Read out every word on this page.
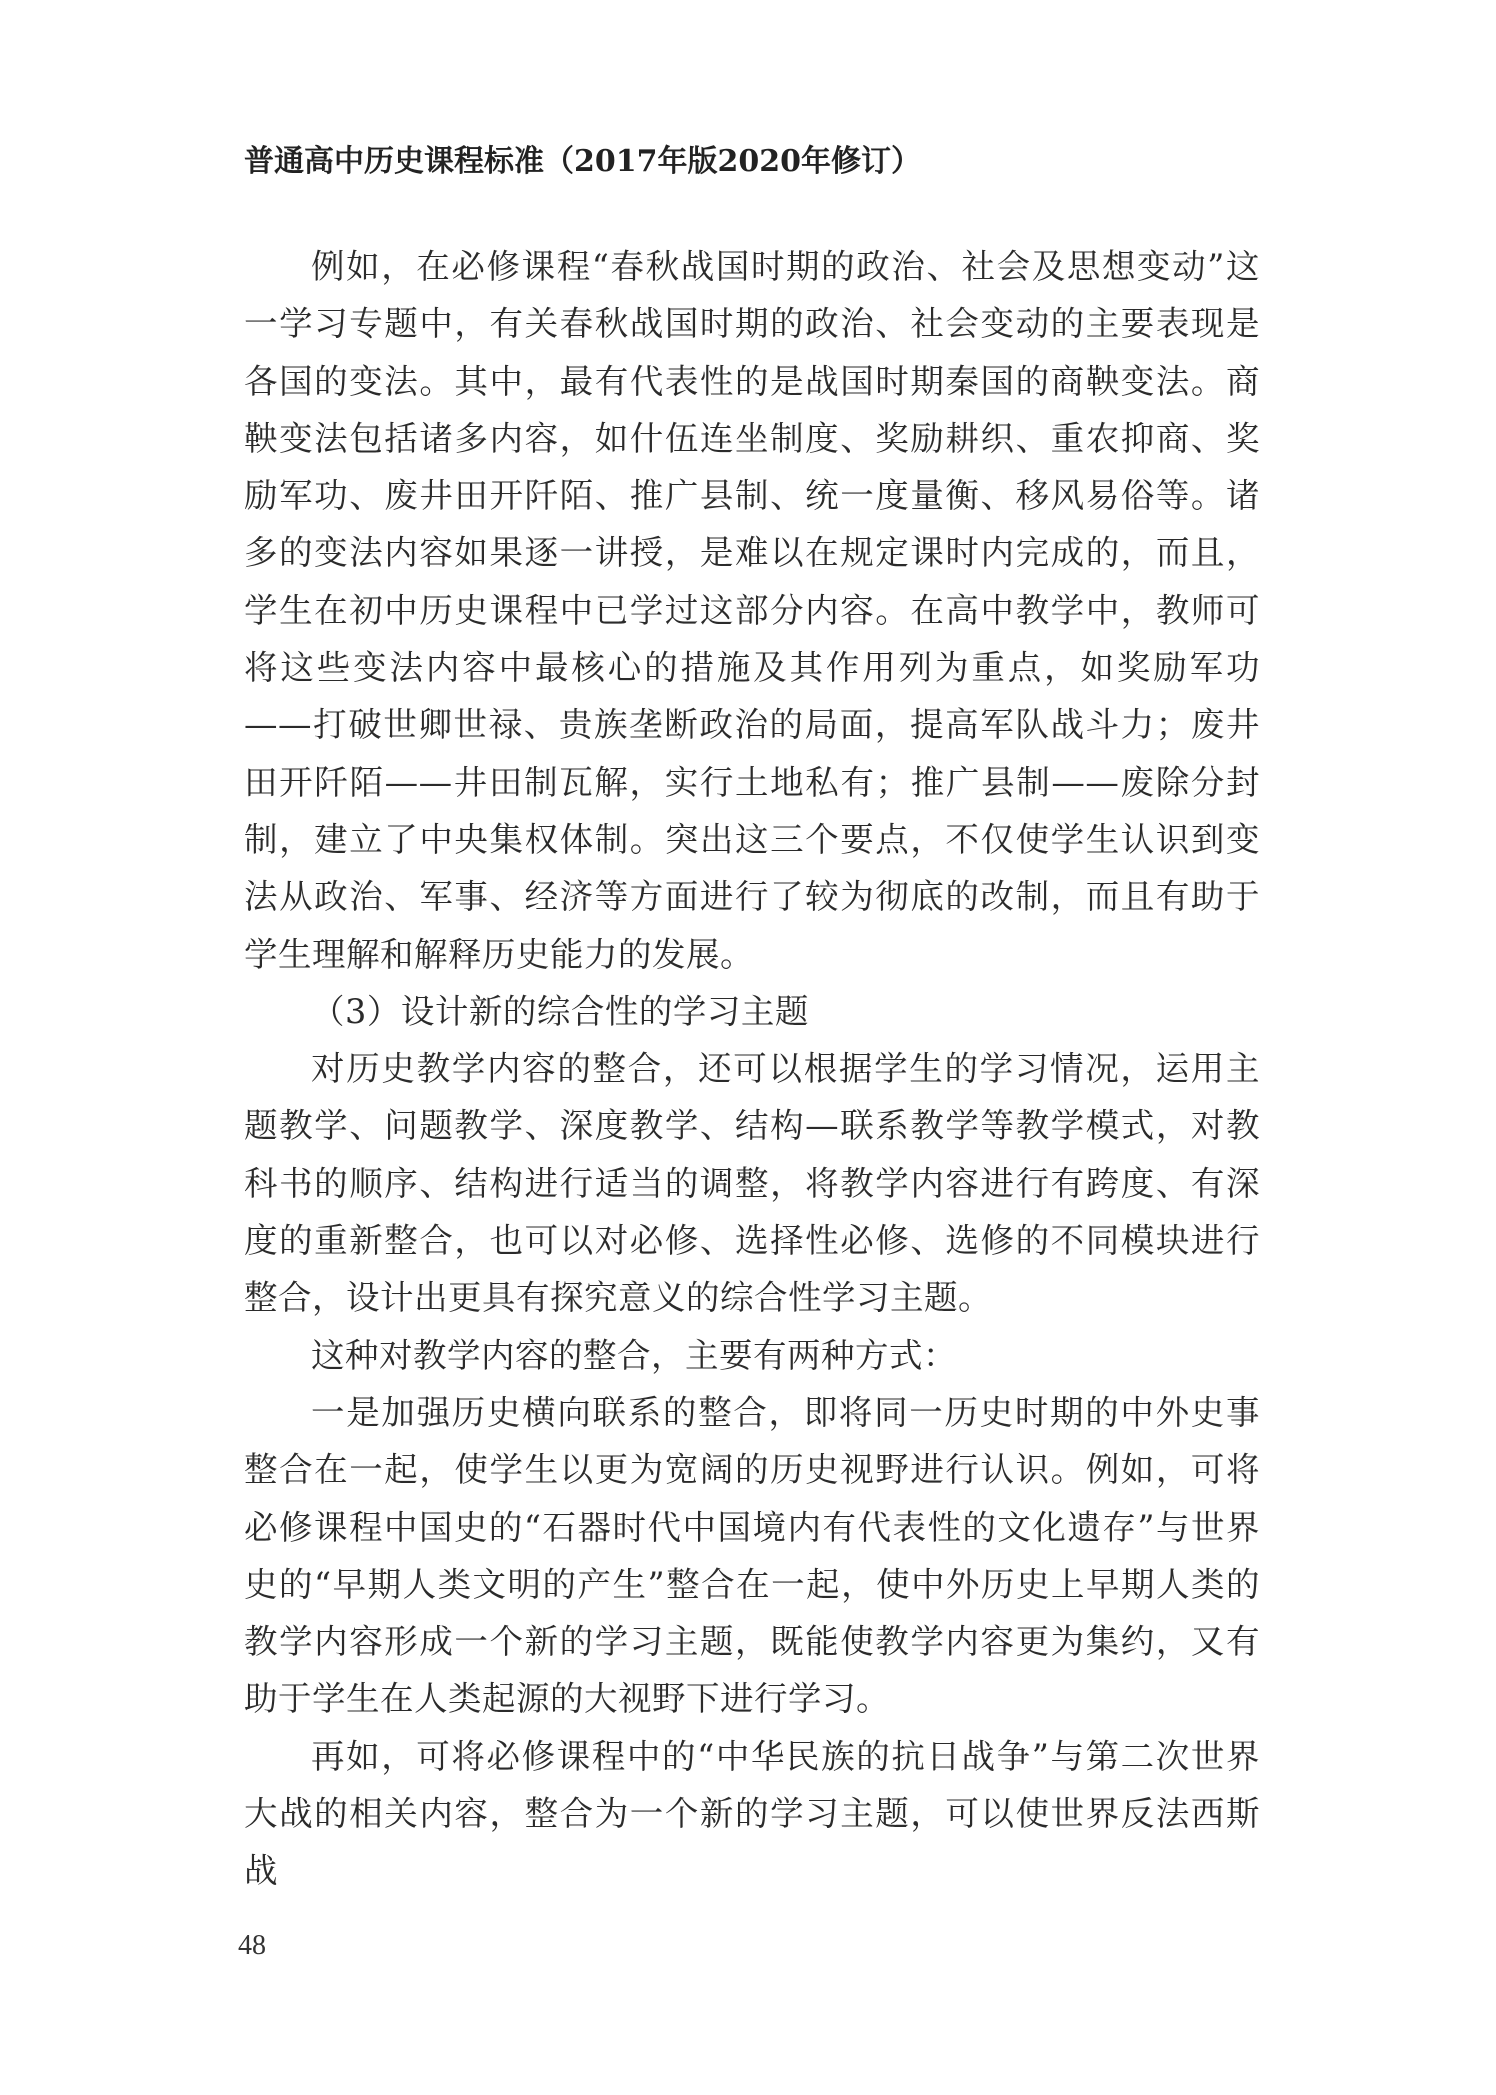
普通高中历史课程标准（2017年版2020年修订）

例如，在必修课程“春秋战国时期的政治、社会及思想变动”这一学习专题中，有关春秋战国时期的政治、社会变动的主要表现是各国的变法。其中，最有代表性的是战国时期秦国的商鞅变法。商鞅变法包括诸多内容，如什伍连坐制度、奖励耕织、重农抑商、奖励军功、废井田开阡陌、推广县制、统一度量衡、移风易俗等。诸多的变法内容如果逐一讲授，是难以在规定课时内完成的，而且，学生在初中历史课程中已学过这部分内容。在高中教学中，教师可将这些变法内容中最核心的措施及其作用列为重点，如奖励军功——打破世卿世禄、贵族垄断政治的局面，提高军队战斗力；废井田开阡陌——井田制瓦解，实行土地私有；推广县制——废除分封制，建立了中央集权体制。突出这三个要点，不仅使学生认识到变法从政治、军事、经济等方面进行了较为彻底的改制，而且有助于学生理解和解释历史能力的发展。

（3）设计新的综合性的学习主题

对历史教学内容的整合，还可以根据学生的学习情况，运用主题教学、问题教学、深度教学、结构—联系教学等教学模式，对教科书的顺序、结构进行适当的调整，将教学内容进行有跨度、有深度的重新整合，也可以对必修、选择性必修、选修的不同模块进行整合，设计出更具有探究意义的综合性学习主题。

这种对教学内容的整合，主要有两种方式：

一是加强历史横向联系的整合，即将同一历史时期的中外史事整合在一起，使学生以更为宽阔的历史视野进行认识。例如，可将必修课程中国史的“石器时代中国境内有代表性的文化遗存”与世界史的“早期人类文明的产生”整合在一起，使中外历史上早期人类的教学内容形成一个新的学习主题，既能使教学内容更为集约，又有助于学生在人类起源的大视野下进行学习。

再如，可将必修课程中的“中华民族的抗日战争”与第二次世界大战的相关内容，整合为一个新的学习主题，可以使世界反法西斯战

48
